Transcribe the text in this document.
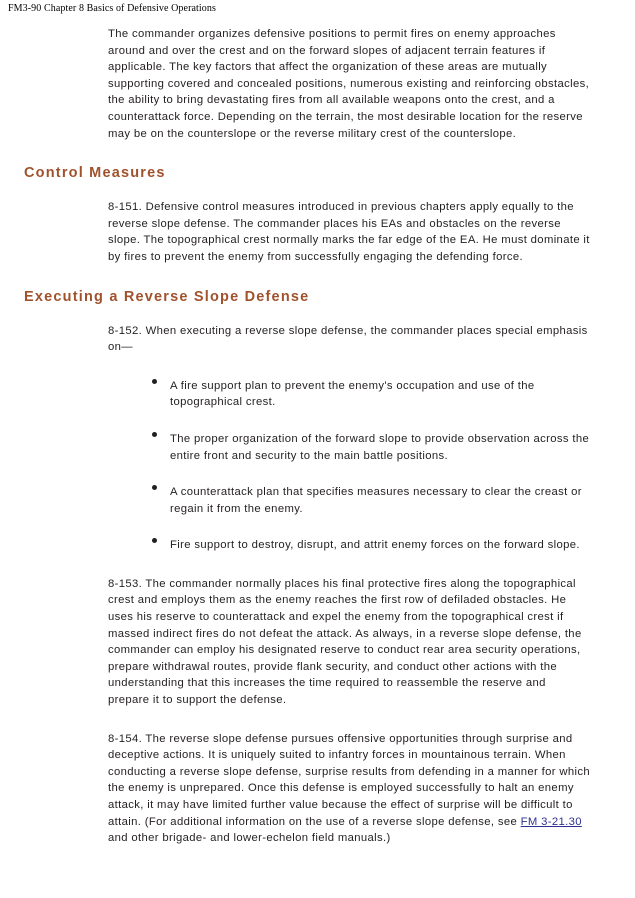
FM3-90 Chapter 8 Basics of Defensive Operations

The commander organizes defensive positions to permit fires on enemy approaches around and over the crest and on the forward slopes of adjacent terrain features if applicable. The key factors that affect the organization of these areas are mutually supporting covered and concealed positions, numerous existing and reinforcing obstacles, the ability to bring devastating fires from all available weapons onto the crest, and a counterattack force. Depending on the terrain, the most desirable location for the reserve may be on the counterslope or the reverse military crest of the counterslope.

Control Measures

8-151. Defensive control measures introduced in previous chapters apply equally to the reverse slope defense. The commander places his EAs and obstacles on the reverse slope. The topographical crest normally marks the far edge of the EA. He must dominate it by fires to prevent the enemy from successfully engaging the defending force.

Executing a Reverse Slope Defense

8-152. When executing a reverse slope defense, the commander places special emphasis on—

A fire support plan to prevent the enemy's occupation and use of the topographical crest.
The proper organization of the forward slope to provide observation across the entire front and security to the main battle positions.
A counterattack plan that specifies measures necessary to clear the creast or regain it from the enemy.
Fire support to destroy, disrupt, and attrit enemy forces on the forward slope.

8-153. The commander normally places his final protective fires along the topographical crest and employs them as the enemy reaches the first row of defiladed obstacles. He uses his reserve to counterattack and expel the enemy from the topographical crest if massed indirect fires do not defeat the attack. As always, in a reverse slope defense, the commander can employ his designated reserve to conduct rear area security operations, prepare withdrawal routes, provide flank security, and conduct other actions with the understanding that this increases the time required to reassemble the reserve and prepare it to support the defense.

8-154. The reverse slope defense pursues offensive opportunities through surprise and deceptive actions. It is uniquely suited to infantry forces in mountainous terrain. When conducting a reverse slope defense, surprise results from defending in a manner for which the enemy is unprepared. Once this defense is employed successfully to halt an enemy attack, it may have limited further value because the effect of surprise will be difficult to attain. (For additional information on the use of a reverse slope defense, see FM 3-21.30 and other brigade- and lower-echelon field manuals.)
